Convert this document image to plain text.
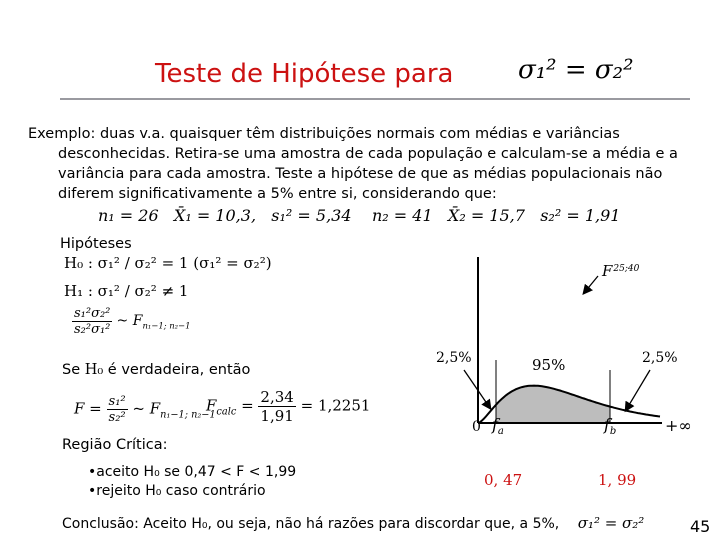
Teste de Hipótese para σ₁² = σ₂²
Exemplo: duas v.a. quaisquer têm distribuições normais com médias e variâncias desconhecidas. Retira-se uma amostra de cada população e calculam-se a média e a variância para cada amostra. Teste a hipótese de que as médias populacionais não diferem significativamente a 5% entre si, considerando que:
n₁ = 26 X̄₁ = 10,3,   s₁² = 5,34 n₂ = 41 X̄₂ = 15,7 s₂² = 1,91
Hipóteses
H₀ : σ₁² / σ₂² = 1 (σ₁² = σ₂²)
H₁ : σ₁² / σ₂² ≠ 1
$\frac{\text{s₁²σ₂²}}{\text{s₂²σ₁²}}$ ~ $F_{n_1-1; n_2-1}$
Se H₀ é verdadeira, então
$F = \frac{\text{s₁²}}{\text{s₂²}}$ ~ $F_{n_1-1; n_2-1}$
$F_{calc} = \frac{2,34}{1,91} = 1,2251$
Região Crítica:
•aceito H₀ se 0,47 < F < 1,99
•rejeito H₀ caso contrário
$F^{25;40}$
2,5%	95%	2,5%
0	+∞
$f_a$	$f_b$
0, 47	1, 99
Conclusão: Aceito H₀, ou seja, não há razões para discordar que, a 5%, σ₁² = σ₂²	45
